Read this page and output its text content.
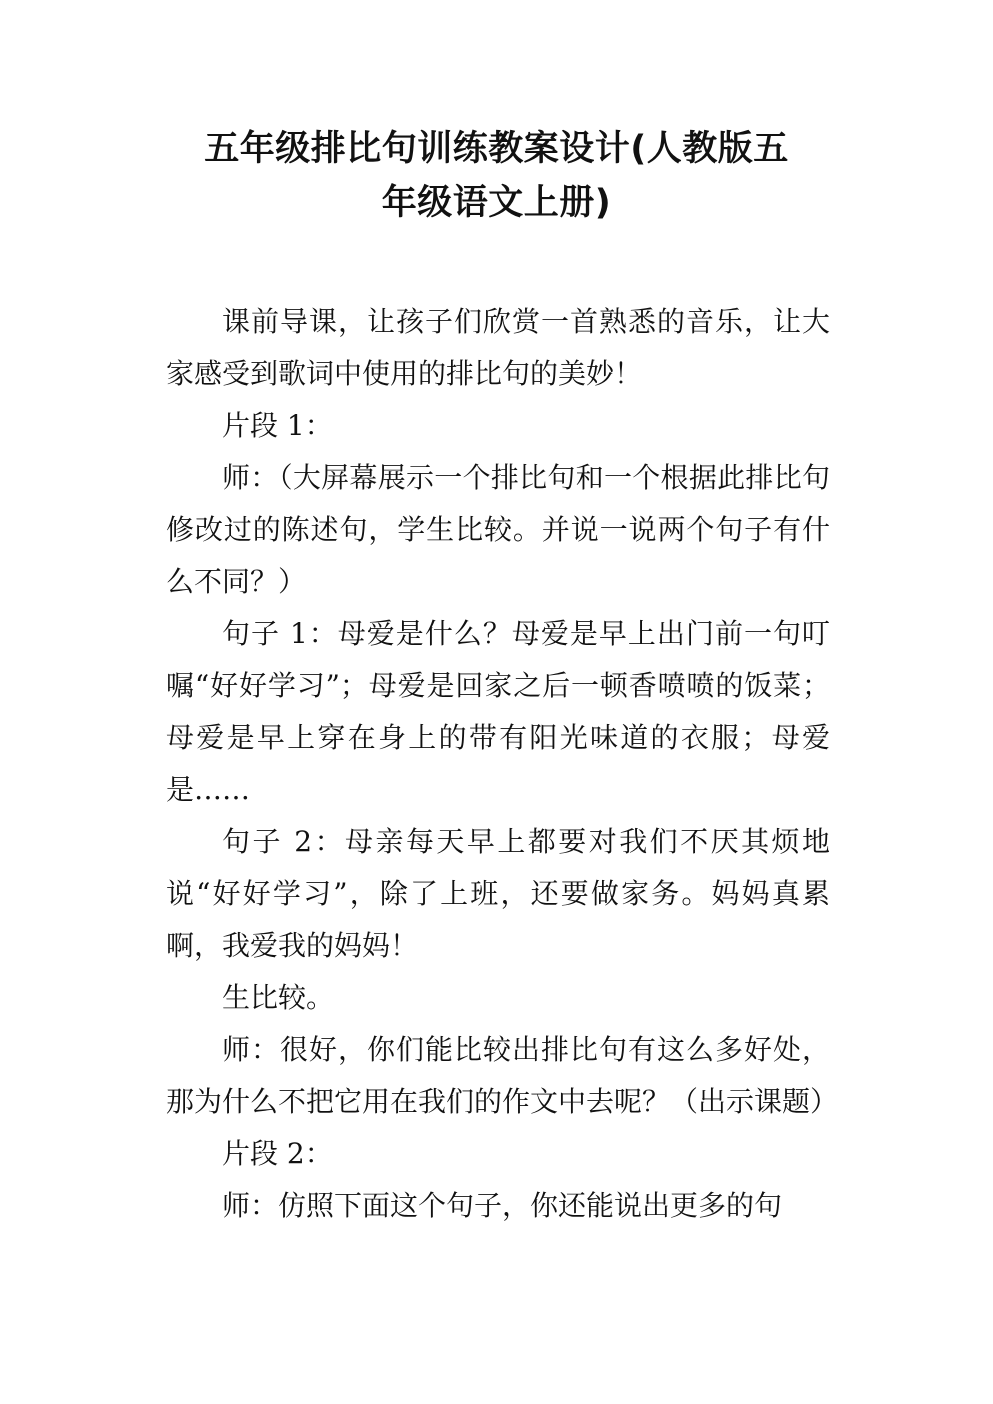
五年级排比句训练教案设计(人教版五
年级语文上册)

课前导课，让孩子们欣赏一首熟悉的音乐，让大家感受到歌词中使用的排比句的美妙！

片段 1：

师：（大屏幕展示一个排比句和一个根据此排比句修改过的陈述句，学生比较。并说一说两个句子有什么不同？）

句子 1：母爱是什么？母爱是早上出门前一句叮嘱“好好学习”；母爱是回家之后一顿香喷喷的饭菜；母爱是早上穿在身上的带有阳光味道的衣服；母爱是……

句子 2：母亲每天早上都要对我们不厌其烦地说“好好学习”，除了上班，还要做家务。妈妈真累啊，我爱我的妈妈！

生比较。

师：很好，你们能比较出排比句有这么多好处，那为什么不把它用在我们的作文中去呢？（出示课题）

片段 2：

师：仿照下面这个句子，你还能说出更多的句
